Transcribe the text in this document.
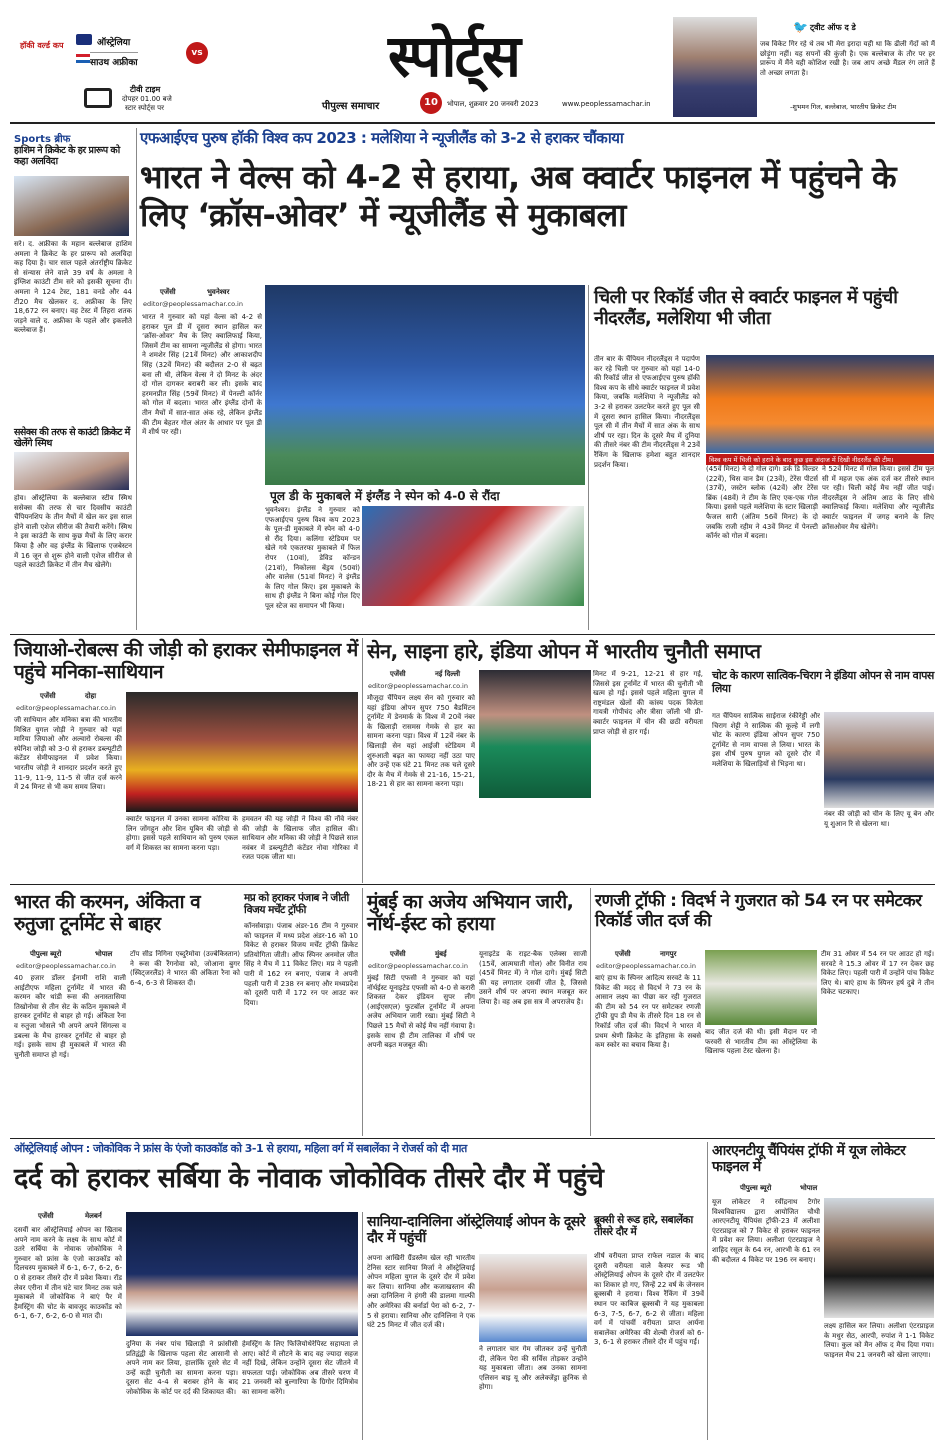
हॉकी वर्ल्ड कप	ऑस्ट्रेलिया
साउथ अफ्रीका
vs
टीवी टाइम
दोपहर 01.00 बजे
स्टार स्पोर्ट्स पर
स्पोर्ट्स
पीपुल्स समाचार	10	भोपाल, शुक्रवार 20 जनवरी 2023	www.peoplessamachar.in
🐦 ट्वीट ऑफ द डे
जब विकेट गिर रहे थे तब भी मेरा इरादा यही था कि ढीली गेंदों को मैं छोड़ूंगा नहीं। यह सपनों की कुंजी है। एक बल्लेबाज के तौर पर हर प्रारूप में मैंने यही कोशिश रखी है। जब आप अच्छे मैंडल रंग लाते हैं तो अच्छा लगता है।
-शुभमन गिल, बल्लेबाज, भारतीय क्रिकेट टीम
Sports ब्रीफ
हाशिम ने क्रिकेट के हर प्रारूप को कहा अलविदा
सरे। द. अफ्रीका के महान बल्लेबाज हाशिम अमला ने क्रिकेट के हर प्रारूप को अलविदा कह दिया है। चार साल पहले अंतर्राष्ट्रीय क्रिकेट से संन्यास लेने वाले 39 वर्ष के अमला ने इंग्लिश काउंटी टीम सरे को इसकी सूचना दी। अमला ने 124 टेस्ट, 181 वनडे और 44 टी20 मैच खेलकर द. अफ्रीका के लिए 18,672 रन बनाए। वह टेस्ट में तिहरा शतक जड़ने वाले द. अफ्रीका के पहले और इकलौते बल्लेबाज हैं।
ससेक्स की तरफ से काउंटी क्रिकेट में खेलेंगे स्मिथ
होव। ऑस्ट्रेलिया के बल्लेबाज स्टीव स्मिथ ससेक्स की तरफ से चार दिवसीय काउंटी चैंपियनशिप के तीन मैचों में खेल कर इस साल होने वाली एशेज सीरीज की तैयारी करेंगे। स्मिथ ने इस काउंटी के साथ कुछ मैचों के लिए करार किया है और वह इंग्लैंड के खिलाफ एजबेस्टन में 16 जून से शुरू होने वाली एशेज सीरीज से पहले काउंटी क्रिकेट में तीन मैच खेलेंगे।
एफआईएच पुरुष हॉकी विश्व कप 2023 : मलेशिया ने न्यूजीलैंड को 3-2 से हराकर चौंकाया
भारत ने वेल्स को 4-2 से हराया, अब क्वार्टर फाइनल में पहुंचने के लिए ‘क्रॉस-ओवर’ में न्यूजीलैंड से मुकाबला
एजेंसी	भुवनेश्वर
editor@peoplessamachar.co.in
भारत ने गुरुवार को यहां वेल्स को 4-2 से हराकर पूल डी में दूसरा स्थान हासिल कर ‘क्रॉस-ओवर’ मैच के लिए क्वालिफाई किया, जिसमें टीम का सामना न्यूजीलैंड से होगा। भारत ने शमशेर सिंह (21वें मिनट) और आकाशदीप सिंह (32वें मिनट) की बदौलत 2-0 से बढ़त बना ली थी, लेकिन वेल्स ने दो मिनट के अंदर दो गोल दागकर बराबरी कर ली। इसके बाद हरमनप्रीत सिंह (59वें मिनट) में पेनल्टी कॉर्नर को गोल में बदला। भारत और इंग्लैंड दोनों के तीन मैचों में सात-सात अंक रहे, लेकिन इंग्लैंड की टीम बेहतर गोल अंतर के आधार पर पूल डी में शीर्ष पर रही।
पूल डी के मुकाबले में इंग्लैंड ने स्पेन को 4-0 से रौंदा
भुवनेश्वर। इंग्लैंड ने गुरुवार को एफआईएच पुरुष विश्व कप 2023 के पूल-डी मुकाबले में स्पेन को 4-0 से रौंद दिया। कलिंगा स्टेडियम पर खेले गये एकतरफा मुकाबले में फिल रोपर (10वां), डेविड कॉन्डन (21वां), निकोलस बेंड्रय (50वां) और वालेस (51वां मिनट) ने इंग्लैंड के लिए गोल किए। इस मुकाबले के साथ ही इंग्लैंड ने बिना कोई गोल दिए पूल स्टेज का समापन भी किया।
चिली पर रिकॉर्ड जीत से क्वार्टर फाइनल में पहुंची नीदरलैंड, मलेशिया भी जीता
तीन बार के चैंपियन नीदरलैंड्स ने पदार्पण कर रहे चिली पर गुरुवार को यहां 14-0 की रिकॉर्ड जीत से एफआईएच पुरुष हॉकी विश्व कप के सीधे क्वार्टर फाइनल में प्रवेश किया, जबकि मलेशिया ने न्यूजीलैंड को 3-2 से हराकर उलटफेर करते हुए पूल सी में दूसरा स्थान हासिल किया। नीदरलैंड्स पूल सी में तीन मैचों में सात अंक के साथ शीर्ष पर रहा। दिन के दूसरे मैच में दुनिया की तीसरे नंबर की टीम नीदरलैंड्स ने 23वें रैंकिंग के खिलाफ हमेशा बहुत शानदार प्रदर्शन किया।
विश्व कप में चिली को हराने के बाद कुछ इस अंदाज में दिखी नीदरलैंड की टीम।
(45वें मिनट) ने दो गोल दागे। डर्क डि विल्डर (22वें), थिस वान डैम (23वें), टेरेंस पीटर्स (37वें), जस्टेन ब्लोक (42वें) और टेरेंस ब्रिंक (48वें) ने टीम के लिए एक-एक गोल किया। इससे पहले मलेशिया के स्टार खिलाड़ी फैजल सारी (अंतिम 56वें मिनट) के दो जबकि राजी रहीम ने 43वें मिनट में पेनल्टी कॉर्नर को गोल में बदला।
ने 52वें मिनट में गोल किया। इससे टीम पूल सी में महज एक अंक दर्ज कर तीसरे स्थान पर रही। चिली कोई मैच नहीं जीत पाई। नीदरलैंड्स ने अंतिम आठ के लिए सीधे क्वालिफाई किया। मलेशिया और न्यूजीलैंड क्वार्टर फाइनल में जगह बनाने के लिए क्रॉसओवर मैच खेलेंगे।
जियाओ-रोबल्स की जोड़ी को हराकर सेमीफाइनल में पहुंचे मनिका-साथियान
एजेंसी	दोहा
editor@peoplessamachar.co.in
जी साथियान और मनिका बत्रा की भारतीय मिश्रित युगल जोड़ी ने गुरुवार को यहां मारिया जियाओ और अल्वारो रोबल्स की स्पेनिश जोड़ी को 3-0 से हराकर डब्ल्यूटीटी कंटेंडर सेमीफाइनल में प्रवेश किया। भारतीय जोड़ी ने शानदार प्रदर्शन करते हुए 11-9, 11-9, 11-5 से जीत दर्ज करने में 24 मिनट से भी कम समय लिया।
क्वार्टर फाइनल में उनका सामना कोरिया के लिन जोंगहून और शिन यूबिन की जोड़ी से होगा। इससे पहले साथियान को पुरुष एकल वर्ग में शिकस्त का सामना करना पड़ा।
हमवतन की यह जोड़ी ने विश्व की नौंवे नंबर की जोड़ी के खिलाफ जीत हासिल की। साथियान और मनिका की जोड़ी ने पिछले साल नवंबर में डब्ल्यूटीटी कंटेंडर नोवा गोरिका में रजत पदक जीता था।
सेन, साइना हारे, इंडिया ओपन में भारतीय चुनौती समाप्त
एजेंसी	नई दिल्ली
editor@peoplessamachar.co.in
मौजूदा चैंपियन लक्ष्य सेन को गुरुवार को यहां इंडिया ओपन सुपर 750 बैडमिंटन टूर्नामेंट में डेनमार्क के विश्व में 20वें नंबर के खिलाड़ी रासमस गेमके से हार का सामना करना पड़ा। विश्व में 12वें नंबर के खिलाड़ी सेन यहां आईजी स्टेडियम में शुरुआती बढ़त का फायदा नहीं उठा पाए और उन्हें एक घंटे 21 मिनट तक चले दूसरे दौर के मैच में गेमके से 21-16, 15-21, 18-21 से हार का सामना करना पड़ा।
मिनट में 9-21, 12-21 से हार गई, जिससे इस टूर्नामेंट में भारत की चुनौती भी खत्म हो गई। इससे पहले महिला युगल में राष्ट्रमंडल खेलों की कांस्य पदक विजेता गायत्री गोपीचंद और त्रीसा जॉली भी प्री-क्वार्टर फाइनल में चीन की छठी वरीयता प्राप्त जोड़ी से हार गई।
चोट के कारण सात्विक-चिराग ने इंडिया ओपन से नाम वापस लिया
गत चैंपियन सात्विक साईराज रंकीरेड्डी और चिराग शेट्टी ने सात्विक की कूल्हे में लगी चोट के कारण इंडिया ओपन सुपर 750 टूर्नामेंट से नाम वापस ले लिया। भारत के इस शीर्ष पुरुष युगल को दूसरे दौर में मलेशिया के खिलाड़ियों से भिड़ना था।
नंबर की जोड़ी को चीन के लिए यू बेन और यू शुआन रि से खेलना था।
भारत की करमन, अंकिता व रुतुजा टूर्नामेंट से बाहर
पीपुल्स ब्यूरो	भोपाल
editor@peoplessamachar.co.in
40 हजार डॉलर ईनामी राशि वाली आईटीएफ महिला टूर्नामेंट में भारत की करमन कौर थांडी रूस की अनास्तासिया तिखोनोवा से तीन सेट के कठिन मुकाबले में हारकर टूर्नामेंट से बाहर हो गई। अंकिता रैना व रुतुजा भोसले भी अपने अपने सिंगल्स व डबल्स के मैच हारकर टूर्नामेंट से बाहर हो गई। इसके साथ ही मुकाबले में भारत की चुनौती समाप्त हो गई।
टॉप सीड निगिना एब्दुरैमोवा (उज्बेकिस्तान) ने रूस की रैंगनोवा को, जोआना बुगर (स्विट्जरलैंड) ने भारत की अंकिता रैना को 6-4, 6-3 से शिकस्त दी।
मप्र को हराकर पंजाब ने जीती विजय मर्चेंट ट्रॉफी
कॉनर्सवाड़ा। पंजाब अंडर-16 टीम ने गुरुवार को फाइनल में मध्य प्रदेश अंडर-16 को 10 विकेट से हराकर विजय मर्चेंट ट्रॉफी क्रिकेट प्रतियोगिता जीती। ऑफ स्पिनर अनमोल जीत सिंह ने मैच में 11 विकेट लिए। मप्र ने पहली पारी में 162 रन बनाए, पंजाब ने अपनी पहली पारी में 238 रन बनाए और मध्यप्रदेश को दूसरी पारी में 172 रन पर आउट कर दिया।
मुंबई का अजेय अभियान जारी, नॉर्थ-ईस्ट को हराया
एजेंसी	मुंबई
editor@peoplessamachar.co.in
मुंबई सिटी एफसी ने गुरुवार को यहां नॉर्थईस्ट यूनाइटेड एफसी को 4-0 से करारी शिकस्त देकर इंडियन सुपर लीग (आईएसएल) फुटबॉल टूर्नामेंट में अपना अजेय अभियान जारी रखा। मुंबई सिटी ने पिछले 15 मैचों से कोई मैच नहीं गंवाया है। इसके साथ ही टीम तालिका में शीर्ष पर अपनी बढ़त मजबूत की।
यूनाइटेड के राइट-बैक एलेक्स साजी (15वें, आत्मघाती गोल) और विनीत राय (45वें मिनट में) ने गोल दागे। मुंबई सिटी की यह लगातार दसवीं जीत है, जिससे उसने शीर्ष पर अपना स्थान मजबूत कर लिया है। वह अब इस सत्र में अपराजेय है।
रणजी ट्रॉफी : विदर्भ ने गुजरात को 54 रन पर समेटकर रिकॉर्ड जीत दर्ज की
एजेंसी	नागपुर
editor@peoplessamachar.co.in
बाएं हाथ के स्पिनर आदित्य सरवटे के 11 विकेट की मदद से विदर्भ ने 73 रन के आसान लक्ष्य का पीछा कर रही गुजरात की टीम को 54 रन पर समेटकर रणजी ट्रॉफी ग्रुप डी मैच के तीसरे दिन 18 रन से रिकॉर्ड जीत दर्ज की। विदर्भ ने भारत में प्रथम श्रेणी क्रिकेट के इतिहास के सबसे कम स्कोर का बचाव किया है।
बाद जीत दर्ज की थी। इसी मैदान पर नौ फरवरी से भारतीय टीम का ऑस्ट्रेलिया के खिलाफ पहला टेस्ट खेलना है।
टीम 31 ओवर में 54 रन पर आउट हो गई। सरवटे ने 15.3 ओवर में 17 रन देकर छह विकेट लिए। पहली पारी में उन्होंने पांच विकेट लिए थे। बाएं हाथ के स्पिनर हर्ष दुबे ने तीन विकेट चटकाए।
ऑस्ट्रेलियाई ओपन : जोकोविक ने फ्रांस के एंजो काउकॉड को 3-1 से हराया, महिला वर्ग में सबालेंका ने रोजर्स को दी मात
दर्द को हराकर सर्बिया के नोवाक जोकोविक तीसरे दौर में पहुंचे
एजेंसी	मेलबर्न
दसवीं बार ऑस्ट्रेलियाई ओपन का खिताब अपने नाम करने के लक्ष्य के साथ कोर्ट में उतरे सर्बिया के नोवाक जोकोविक ने गुरुवार को फ्रांस के एंजो काउकॉड को दिलचस्प मुकाबले में 6-1, 6-7, 6-2, 6-0 से हराकर तीसरे दौर में प्रवेश किया। रॉड लेवर एरीना में तीन घंटे चार मिनट तक चले मुकाबले में जोकोविक ने बाएं पैर में हैमस्ट्रिंग की चोट के बावजूद काउकॉड को 6-1, 6-7, 6-2, 6-0 से मात दी।
दुनिया के नंबर पांच खिलाड़ी ने फ्रांसीसी प्रतिद्वंद्वी के खिलाफ पहला सेट आसानी से अपने नाम कर लिया, हालांकि दूसरे सेट में उन्हें कड़ी चुनौती का सामना करना पड़ा। दूसरा सेट 4-4 से बराबर होने के बाद जोकोविक के कोर्ट पर दर्द की शिकायत की।
हेमस्ट्रिंग के लिए फिजियोथेरेपिस्ट सहायता ले आए। कोर्ट में लौटने के बाद वह ज्यादा सहज नहीं दिखे, लेकिन उन्होंने दूसरा सेट जीतने में सफलता पाई। जोकोविक अब तीसरे चरण में 21 जनवरी को बुल्गारिया के ग्रिगोर दिमित्रोव का सामना करेंगे।
सानिया-दानिलिना ऑस्ट्रेलियाई ओपन के दूसरे दौर में पहुंचीं
अपना आखिरी ग्रैंडस्लैम खेल रही भारतीय टेनिस स्टार सानिया मिर्जा ने ऑस्ट्रेलियाई ओपन महिला युगल के दूसरे दौर में प्रवेश कर लिया। सानिया और कजाखस्तान की अन्ना दानिलिना ने हंगरी की डालमा गाल्फी और अमेरिका की बर्नार्डा पेरा को 6-2, 7-5 से हराया। सानिया और दानिलिना ने एक घंटे 25 मिनट में जीत दर्ज की।
ने लगातार चार गेम जीतकर उन्हें चुनौती दी, लेकिन पेरा की सर्विस तोड़कर उन्होंने यह मुकाबला जीता। अब उनका सामना एलिसन बाइ यू और अलेक्जेंड्रा क्रुनिक से होगा।
ब्रूक्सी से रूड हारे, सबालेंका तीसरे दौर में
शीर्ष वरीयता प्राप्त राफेल नडाल के बाद दूसरी वरीयता वाले कैस्पर रूड भी ऑस्ट्रेलियाई ओपन के दूसरे दौर में उलटफेर का शिकार हो गए, जिन्हें 22 वर्ष के जेनसन ब्रूक्सबी ने हराया। विश्व रैंकिंग में 39वें स्थान पर काबिज ब्रूक्सबी ने यह मुकाबला 6-3, 7-5, 6-7, 6-2 से जीता। महिला वर्ग में पांचवीं वरीयता प्राप्त आर्यना सबालेंका अमेरिका की शेल्बी रोजर्स को 6-3, 6-1 से हराकर तीसरे दौर में पहुंच गईं।
आरएनटीयू चैंपियंस ट्रॉफी में यूज लोकेटर फाइनल में
पीपुल्स ब्यूरो	भोपाल
यूज लोकेटर ने रवींद्रनाथ टैगोर विश्वविद्यालय द्वारा आयोजित चौथी आरएनटीयू चैंपियंस ट्रॉफी-23 में अलीशा एंटरप्राइज को 7 विकेट से हराकर फाइनल में प्रवेश कर लिया। अलीशा एंटरप्राइज ने शाहिद रसूल के 64 रन, आरभी के 61 रन की बदौलत 4 विकेट पर 196 रन बनाए।
लक्ष्य हासिल कर लिया। अलीशा एंटरप्राइज के मधुर सेठ, आरपी, रुपांश ने 1-1 विकेट लिया। कुल को मैन ऑफ द मैच दिया गया। फाइनल मैच 21 जनवरी को खेला जाएगा।
